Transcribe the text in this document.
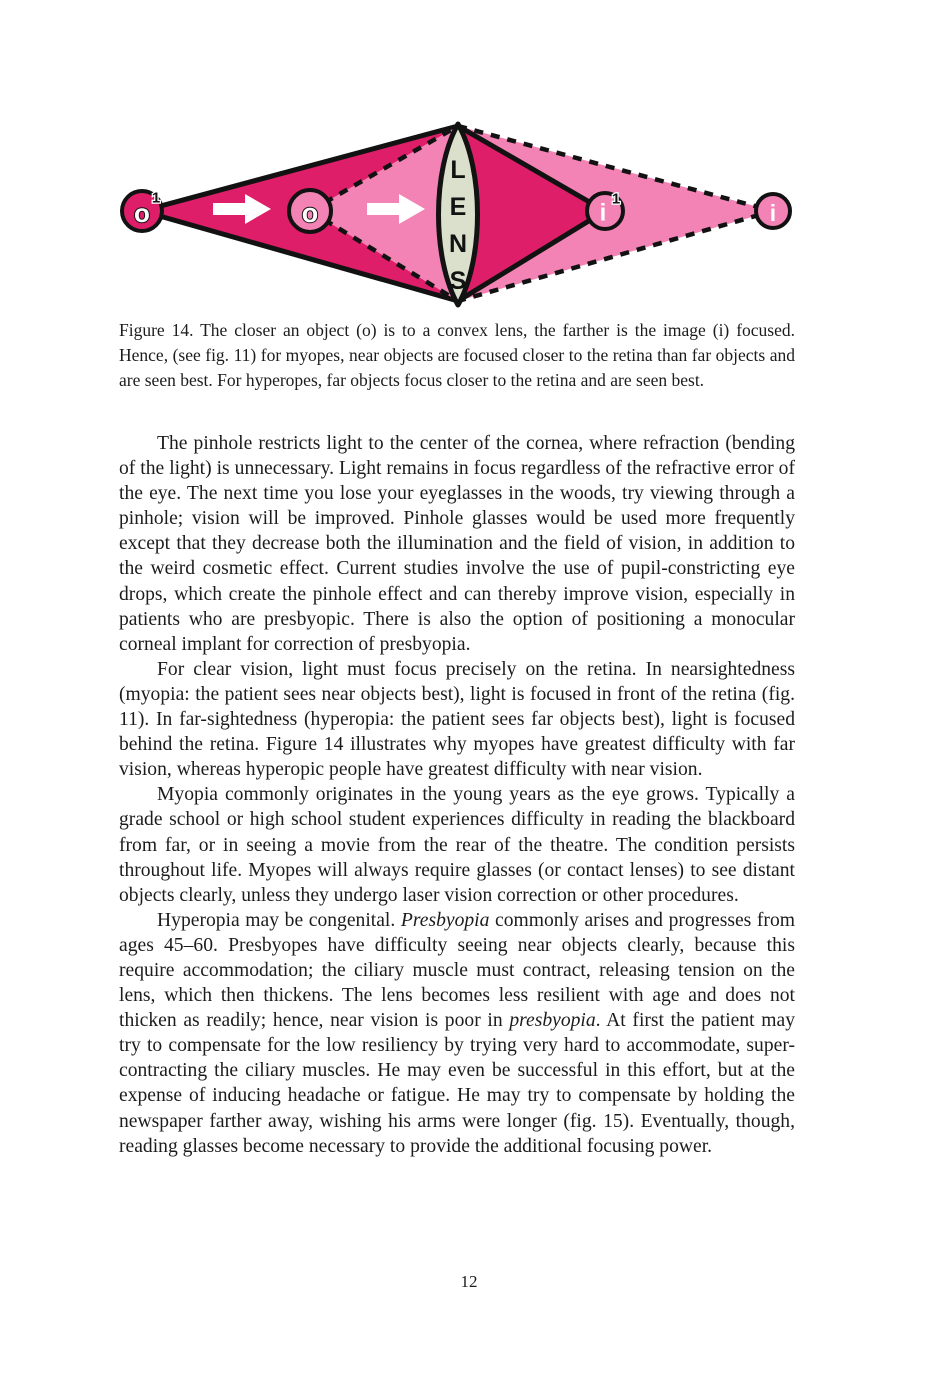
L
E
N
S
o 1	o	i
1
i
Figure 14. The closer an object (o) is to a convex lens, the farther is the image (i) focused. Hence, (see fig. 11) for myopes, near objects are focused closer to the retina than far objects and are seen best. For hyperopes, far objects focus closer to the retina and are seen best.

The pinhole restricts light to the center of the cornea, where refraction (bending of the light) is unnecessary. Light remains in focus regardless of the refractive error of the eye. The next time you lose your eyeglasses in the woods, try viewing through a pinhole; vision will be improved. Pinhole glasses would be used more frequently except that they decrease both the illumination and the field of vision, in addition to the weird cosmetic effect. Current studies involve the use of pupil-constricting eye drops, which create the pinhole effect and can thereby improve vision, especially in patients who are presbyopic. There is also the option of positioning a monocular corneal implant for correction of presbyopia.

For clear vision, light must focus precisely on the retina. In nearsightedness (myopia: the patient sees near objects best), light is focused in front of the retina (fig. 11). In far-sightedness (hyperopia: the patient sees far objects best), light is focused behind the retina. Figure 14 illustrates why myopes have greatest difficulty with far vision, whereas hyperopic people have greatest difficulty with near vision.

Myopia commonly originates in the young years as the eye grows. Typically a grade school or high school student experiences difficulty in reading the blackboard from far, or in seeing a movie from the rear of the theatre. The condition persists throughout life. Myopes will always require glasses (or contact lenses) to see distant objects clearly, unless they undergo laser vision correction or other procedures.

Hyperopia may be congenital. Presbyopia commonly arises and progresses from ages 45–60. Presbyopes have difficulty seeing near objects clearly, because this require accommodation; the ciliary muscle must contract, releasing tension on the lens, which then thickens. The lens becomes less resilient with age and does not thicken as readily; hence, near vision is poor in presbyopia. At first the patient may try to compensate for the low resiliency by trying very hard to accommodate, super-contracting the ciliary muscles. He may even be successful in this effort, but at the expense of inducing headache or fatigue. He may try to compensate by holding the newspaper farther away, wishing his arms were longer (fig. 15). Eventually, though, reading glasses become necessary to provide the additional focusing power.

12
